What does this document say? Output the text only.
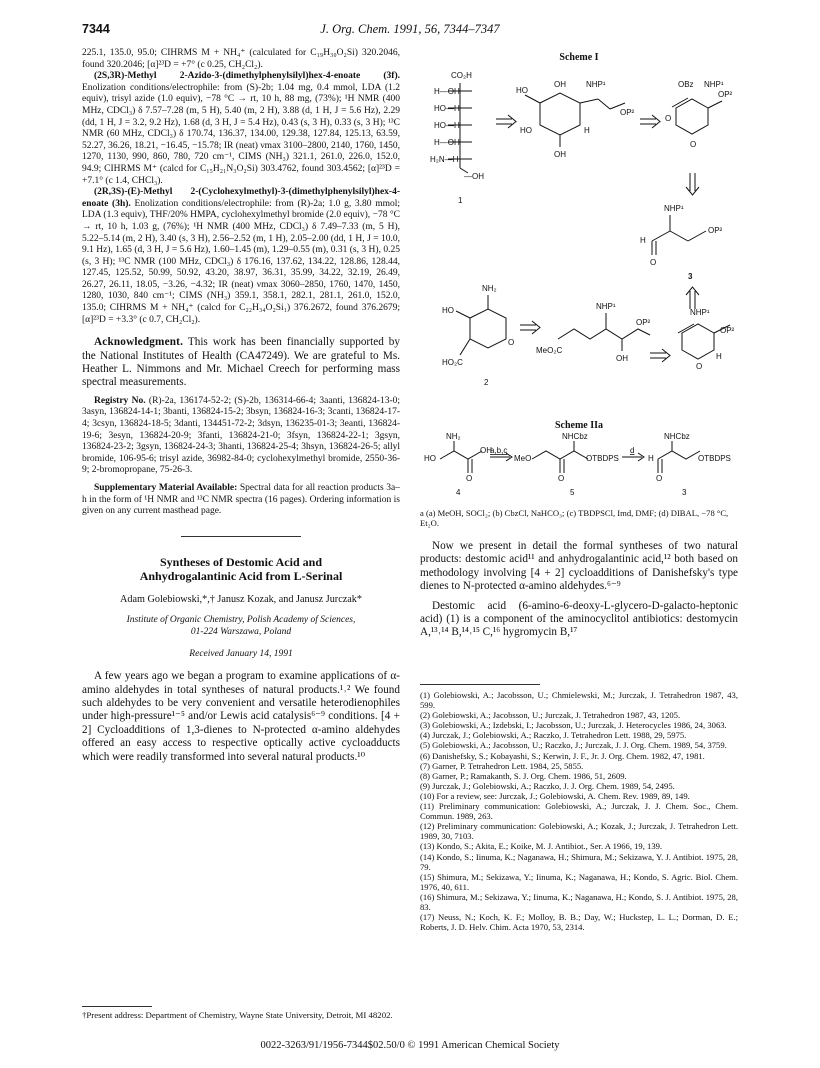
7344	J. Org. Chem. 1991, 56, 7344–7347

225.1, 135.0, 95.0; CIHRMS M + NH₄⁺ (calculated for C₁₉H₃₀O₂Si) 320.2046, found 320.2046; [α]²³D = +7° (c 0.25, CH₂Cl₂).

(2S,3R)-Methyl 2-Azido-3-(dimethylphenylsilyl)hex-4-enoate (3f). Enolization conditions/electrophile: from (S)-2b; 1.04 mg, 0.4 mmol, LDA (1.2 equiv), trisyl azide (1.0 equiv), −78 °C → rt, 10 h, 88 mg, (73%); ¹H NMR (400 MHz, CDCl₃) δ 7.57–7.28 (m, 5 H), 5.40 (m, 2 H), 3.88 (d, 1 H, J = 5.6 Hz), 2.29 (dd, 1 H, J = 3.2, 9.2 Hz), 1.68 (d, 3 H, J = 5.4 Hz), 0.43 (s, 3 H), 0.33 (s, 3 H); ¹³C NMR (60 MHz, CDCl₃) δ 170.74, 136.37, 134.00, 129.38, 127.84, 125.13, 63.59, 52.27, 36.26, 18.21, −16.45, −15.78; IR (neat) νmax 3100–2800, 2140, 1760, 1450, 1270, 1130, 990, 860, 780, 720 cm⁻¹, CIMS (NH₃) 321.1, 261.0, 226.0, 152.0, 94.9; CIHRMS M⁺ (calcd for C₁₅H₂₁N₃O₂Si) 303.4762, found 303.4562; [α]²³D = +7.1° (c 1.4, CHCl₃).

(2R,3S)-(E)-Methyl 2-(Cyclohexylmethyl)-3-(dimethylphenylsilyl)hex-4-enoate (3h). Enolization conditions/electrophile: from (R)-2a; 1.0 g, 3.80 mmol; LDA (1.3 equiv), THF/20% HMPA, cyclohexylmethyl bromide (2.0 equiv), −78 °C → rt, 10 h, 1.03 g, (76%); ¹H NMR (400 MHz, CDCl₃) δ 7.49–7.33 (m, 5 H), 5.22–5.14 (m, 2 H), 3.40 (s, 3 H), 2.56–2.52 (m, 1 H), 2.05–2.00 (dd, 1 H, J = 10.0, 9.1 Hz), 1.65 (d, 3 H, J = 5.6 Hz), 1.60–1.45 (m), 1.29–0.55 (m), 0.31 (s, 3 H), 0.25 (s, 3 H); ¹³C NMR (100 MHz, CDCl₃) δ 176.16, 137.62, 134.22, 128.86, 128.44, 127.45, 125.52, 50.99, 50.92, 43.20, 38.97, 36.31, 35.99, 34.22, 32.19, 26.49, 26.27, 26.11, 18.05, −3.26, −4.32; IR (neat) νmax 3060–2850, 1760, 1470, 1450, 1280, 1030, 840 cm⁻¹; CIMS (NH₃) 359.1, 358.1, 282.1, 281.1, 261.0, 152.0, 135.0; CIHRMS M + NH₄⁺ (calcd for C₂₂H₃₄O₂Si₁) 376.2672, found 376.2679; [α]²³D = +3.3° (c 0.7, CH₂Cl₂).

Acknowledgment. This work has been financially supported by the National Institutes of Health (CA47249). We are grateful to Ms. Heather L. Nimmons and Mr. Michael Creech for performing mass spectral measurements.

Registry No. (R)-2a, 136174-52-2; (S)-2b, 136314-66-4; 3aanti, 136824-13-0; 3asyn, 136824-14-1; 3banti, 136824-15-2; 3bsyn, 136824-16-3; 3canti, 136824-17-4; 3csyn, 136824-18-5; 3danti, 134451-72-2; 3dsyn, 136235-01-3; 3eanti, 136824-19-6; 3esyn, 136824-20-9; 3fanti, 136824-21-0; 3fsyn, 136824-22-1; 3gsyn, 136824-23-2; 3gsyn, 136824-24-3; 3hanti, 136824-25-4; 3hsyn, 136824-26-5; allyl bromide, 106-95-6; trisyl azide, 36982-84-0; cyclohexylmethyl bromide, 2550-36-9; 2-bromopropane, 75-26-3.

Supplementary Material Available: Spectral data for all reaction products 3a–h in the form of ¹H NMR and ¹³C NMR spectra (16 pages). Ordering information is given on any current masthead page.

Syntheses of Destomic Acid and
Anhydrogalantinic Acid from L-Serinal

Adam Golebiowski,*,† Janusz Kozak, and Janusz Jurczak*

Institute of Organic Chemistry, Polish Academy of Sciences,

01-224 Warszawa, Poland

Received January 14, 1991

A few years ago we began a program to examine applications of α-amino aldehydes in total syntheses of natural products.¹˒² We found such aldehydes to be very convenient and versatile heterodienophiles under high-pressure¹⁻⁵ and/or Lewis acid catalysis⁶⁻⁹ conditions. [4 + 2] Cycloadditions of 1,3-dienes to N-protected α-amino aldehydes offered an easy access to respective optically active cycloadducts which were readily transformed into several natural products.¹⁰

†Present address: Department of Chemistry, Wayne State University, Detroit, MI 48202.

Scheme I
CO₂H
H—OH
HO—H
HO—H
H—OH
H₂N—H
—OH
1
OH	NHP¹
HO
OP²
HO
OH
H
OBz NHP¹
O
OP²
O
NHP¹
H
OP²
O
3
NH₂
HO
O
HO₂C
2
NHP¹
OP²
MeO₂C
OH
NHP¹
OP²
O
H
Scheme IIa
NH₂
HO
OH
O
4
a,b,c
NHCbz
MeO	OTBDPS
O
5
d
NHCbz
H	OTBDPS
O
3

a (a) MeOH, SOCl₂; (b) CbzCl, NaHCO₃; (c) TBDPSCl, Imd, DMF; (d) DIBAL, −78 °C, Et₂O.

Now we present in detail the formal syntheses of two natural products: destomic acid¹¹ and anhydrogalantinic acid,¹² both based on methodology involving [4 + 2] cycloadditions of Danishefsky's type dienes to N-protected α-amino aldehydes.⁶⁻⁹

Destomic acid (6-amino-6-deoxy-L-glycero-D-galacto-heptonic acid) (1) is a component of the aminocyclitol antibiotics: destomycin A,¹³˒¹⁴ B,¹⁴˒¹⁵ C,¹⁶ hygromycin B,¹⁷

(1) Golebiowski, A.; Jacobsson, U.; Chmielewski, M.; Jurczak, J. Tetrahedron 1987, 43, 599.

(2) Golebiowski, A.; Jacobsson, U.; Jurczak, J. Tetrahedron 1987, 43, 1205.

(3) Golebiowski, A.; Izdebski, I.; Jacobsson, U.; Jurczak, J. Heterocycles 1986, 24, 3063.

(4) Jurczak, J.; Golebiowski, A.; Raczko, J. Tetrahedron Lett. 1988, 29, 5975.

(5) Golebiowski, A.; Jacobsson, U.; Raczko, J.; Jurczak, J. J. Org. Chem. 1989, 54, 3759.

(6) Danishefsky, S.; Kobayashi, S.; Kerwin, J. F., Jr. J. Org. Chem. 1982, 47, 1981.

(7) Garner, P. Tetrahedron Lett. 1984, 25, 5855.

(8) Garner, P.; Ramakanth, S. J. Org. Chem. 1986, 51, 2609.

(9) Jurczak, J.; Golebiowski, A.; Raczko, J. J. Org. Chem. 1989, 54, 2495.

(10) For a review, see: Jurczak, J.; Golebiowski, A. Chem. Rev. 1989, 89, 149.

(11) Preliminary communication: Golebiowski, A.; Jurczak, J. J. Chem. Soc., Chem. Commun. 1989, 263.

(12) Preliminary communication: Golebiowski, A.; Kozak, J.; Jurczak, J. Tetrahedron Lett. 1989, 30, 7103.

(13) Kondo, S.; Akita, E.; Koike, M. J. Antibiot., Ser. A 1966, 19, 139.

(14) Kondo, S.; Iinuma, K.; Naganawa, H.; Shimura, M.; Sekizawa, Y. J. Antibiot. 1975, 28, 79.

(15) Shimura, M.; Sekizawa, Y.; Iinuma, K.; Naganawa, H.; Kondo, S. Agric. Biol. Chem. 1976, 40, 611.

(16) Shimura, M.; Sekizawa, Y.; Iinuma, K.; Naganawa, H.; Kondo, S. J. Antibiot. 1975, 28, 83.

(17) Neuss, N.; Koch, K. F.; Molloy, B. B.; Day, W.; Huckstep, L. L.; Dorman, D. E.; Roberts, J. D. Helv. Chim. Acta 1970, 53, 2314.

0022-3263/91/1956-7344$02.50/0 © 1991 American Chemical Society
